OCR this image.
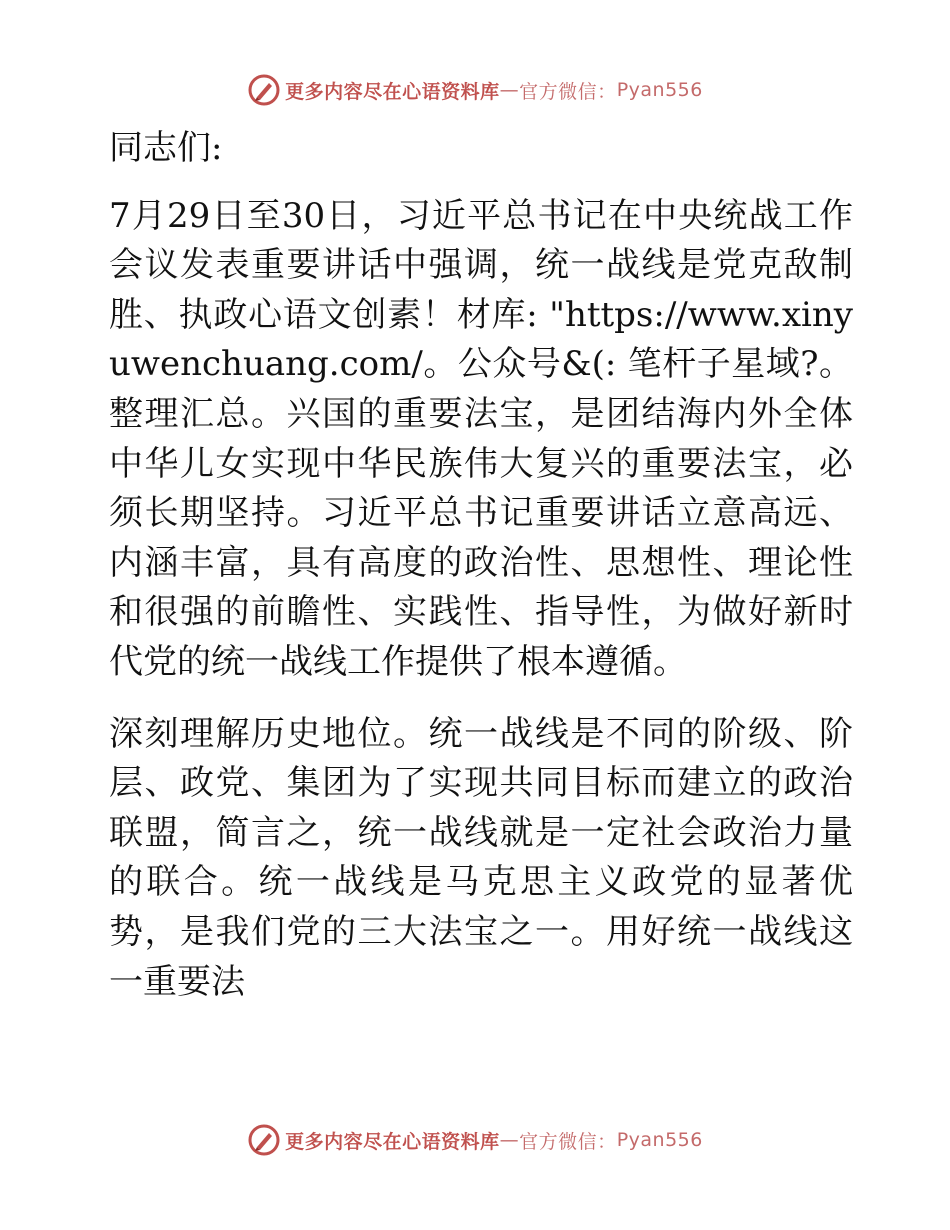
更多内容尽在心语资料库 — 官方微信： Pyan556

同志们:

7月29日至30日，习近平总书记在中央统战工作会议发表重要讲话中强调，统一战线是党克敌制胜、执政心语文创素！材库: "https://www.xinyuwenchuang.com/。公众号&(: 笔杆子星域?。整理汇总。兴国的重要法宝，是团结海内外全体中华儿女实现中华民族伟大复兴的重要法宝，必须长期坚持。习近平总书记重要讲话立意高远、内涵丰富，具有高度的政治性、思想性、理论性和很强的前瞻性、实践性、指导性，为做好新时代党的统一战线工作提供了根本遵循。

深刻理解历史地位。统一战线是不同的阶级、阶层、政党、集团为了实现共同目标而建立的政治联盟，简言之，统一战线就是一定社会政治力量的联合。统一战线是马克思主义政党的显著优势，是我们党的三大法宝之一。用好统一战线这一重要法

更多内容尽在心语资料库 — 官方微信： Pyan556
